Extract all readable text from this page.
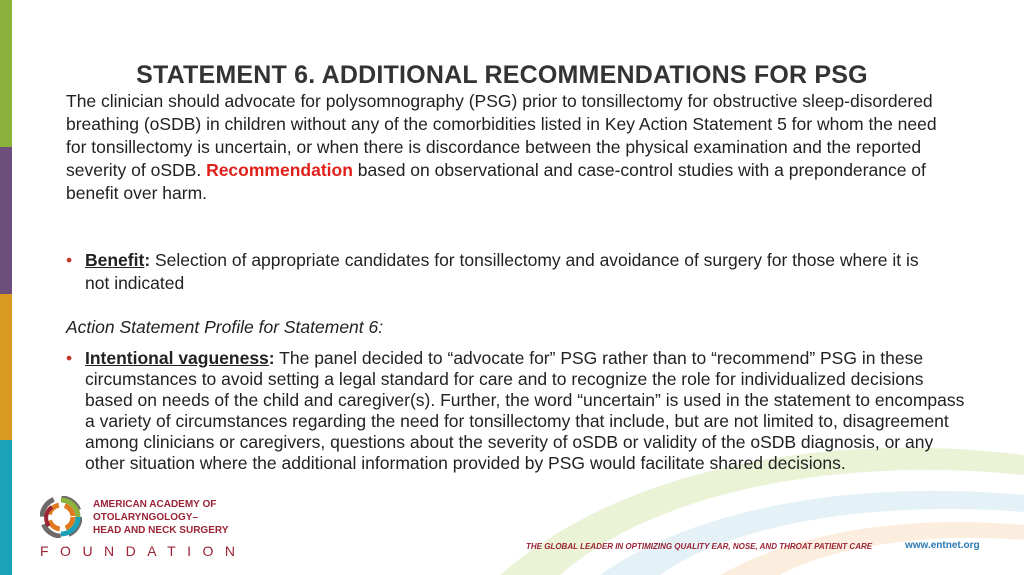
STATEMENT 6. ADDITIONAL RECOMMENDATIONS FOR PSG

The clinician should advocate for polysomnography (PSG) prior to tonsillectomy for obstructive sleep-disordered breathing (oSDB) in children without any of the comorbidities listed in Key Action Statement 5 for whom the need for tonsillectomy is uncertain, or when there is discordance between the physical examination and the reported severity of oSDB. Recommendation based on observational and case-control studies with a preponderance of benefit over harm.

• Benefit: Selection of appropriate candidates for tonsillectomy and avoidance of surgery for those where it is not indicated

Action Statement Profile for Statement 6:

• Intentional vagueness: The panel decided to “advocate for” PSG rather than to “recommend” PSG in these circumstances to avoid setting a legal standard for care and to recognize the role for individualized decisions based on needs of the child and caregiver(s). Further, the word “uncertain” is used in the statement to encompass a variety of circumstances regarding the need for tonsillectomy that include, but are not limited to, disagreement among clinicians or caregivers, questions about the severity of oSDB or validity of the oSDB diagnosis, or any other situation where the additional information provided by PSG would facilitate shared decisions.

AMERICAN ACADEMY OF
OTOLARYNGOLOGY–
HEAD AND NECK SURGERY

FOUNDATION	THE GLOBAL LEADER IN OPTIMIZING QUALITY EAR, NOSE, AND THROAT PATIENT CARE	www.entnet.org
